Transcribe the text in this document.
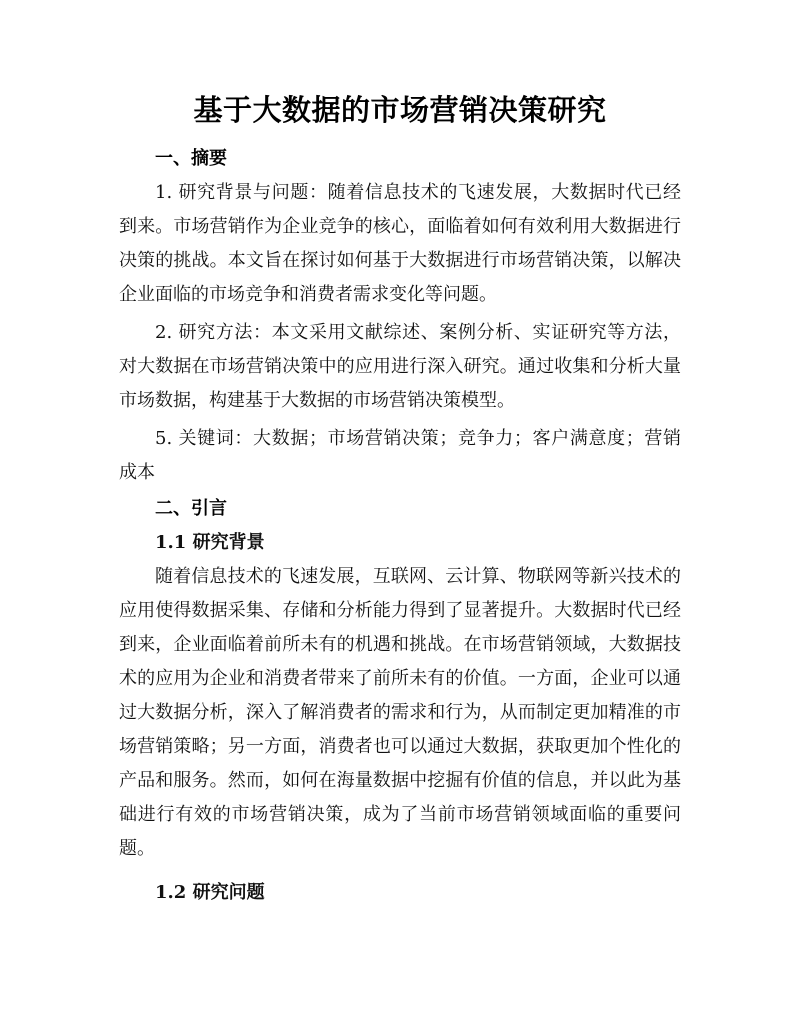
基于大数据的市场营销决策研究
一、摘要

1. 研究背景与问题：随着信息技术的飞速发展，大数据时代已经到来。市场营销作为企业竞争的核心，面临着如何有效利用大数据进行决策的挑战。本文旨在探讨如何基于大数据进行市场营销决策，以解决企业面临的市场竞争和消费者需求变化等问题。

2. 研究方法：本文采用文献综述、案例分析、实证研究等方法，对大数据在市场营销决策中的应用进行深入研究。通过收集和分析大量市场数据，构建基于大数据的市场营销决策模型。

5. 关键词：大数据；市场营销决策；竞争力；客户满意度；营销成本

二、引言
1.1 研究背景

随着信息技术的飞速发展，互联网、云计算、物联网等新兴技术的应用使得数据采集、存储和分析能力得到了显著提升。大数据时代已经到来，企业面临着前所未有的机遇和挑战。在市场营销领域，大数据技术的应用为企业和消费者带来了前所未有的价值。一方面，企业可以通过大数据分析，深入了解消费者的需求和行为，从而制定更加精准的市场营销策略；另一方面，消费者也可以通过大数据，获取更加个性化的产品和服务。然而，如何在海量数据中挖掘有价值的信息，并以此为基础进行有效的市场营销决策，成为了当前市场营销领域面临的重要问题。

1.2 研究问题
